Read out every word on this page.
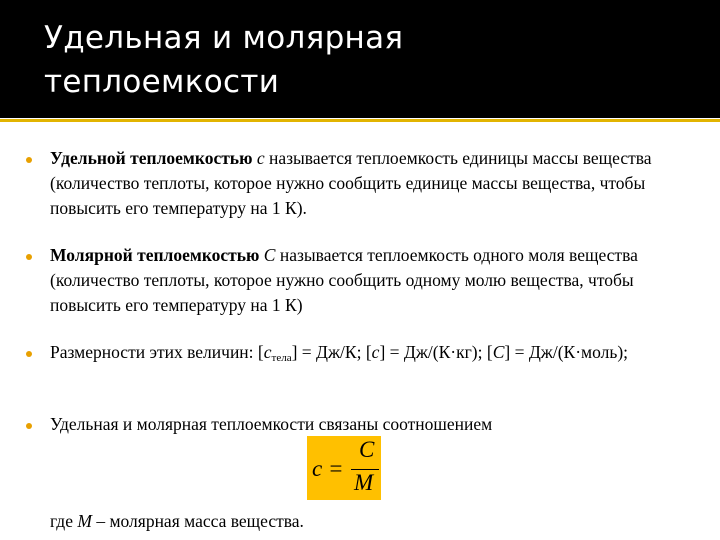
Удельная и молярная
теплоемкости
Удельной теплоемкостью c называется теплоемкость единицы массы вещества (количество теплоты, которое нужно сообщить единице массы вещества, чтобы повысить его температуру на 1 К).
Молярной теплоемкостью C называется теплоемкость одного моля вещества (количество теплоты, которое нужно сообщить одному молю вещества, чтобы повысить его температуру на 1 К)
Размерности этих величин: $[c_{тела}] = Дж/К$; [c] = Дж/(К·кг); [C] = Дж/(К·моль);
Удельная и молярная теплоемкости связаны соотношением
c =
C
M
где M – молярная масса вещества.
